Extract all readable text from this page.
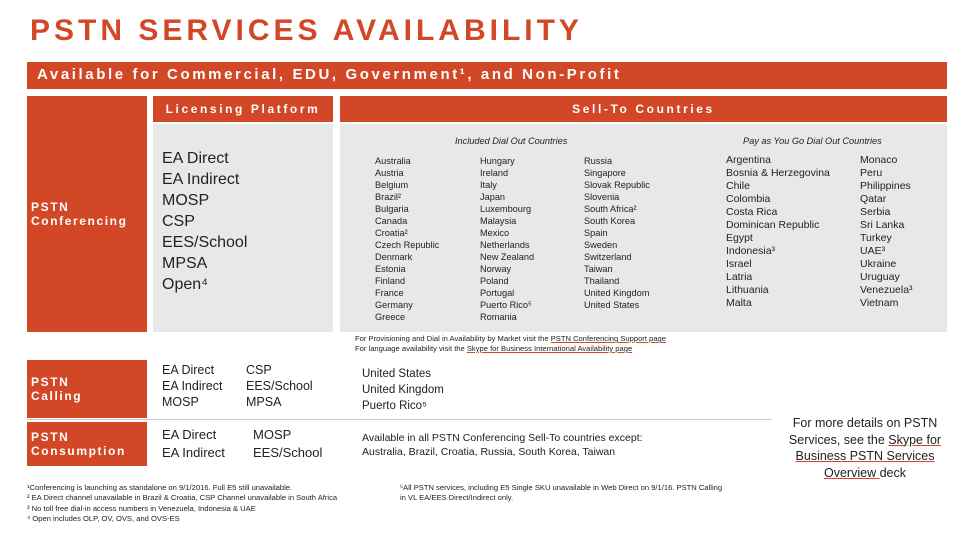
PSTN SERVICES AVAILABILITY
Available for Commercial, EDU, Government¹, and Non-Profit
Licensing Platform	Sell-To Countries
PSTN
Conferencing
EA Direct
EA Indirect
MOSP
CSP
EES/School
MPSA
Open⁴
Included Dial Out Countries	Pay as You Go Dial Out Countries
Australia
Austria
Belgium
Brazil²
Bulgaria
Canada
Croatia²
Czech Republic
Denmark
Estonia
Finland
France
Germany
Greece
Hungary
Ireland
Italy
Japan
Luxembourg
Malaysia
Mexico
Netherlands
New Zealand
Norway
Poland
Portugal
Puerto Rico⁵
Romania
Russia
Singapore
Slovak Republic
Slovenia
South Africa²
South Korea
Spain
Sweden
Switzerland
Taiwan
Thailand
United Kingdom
United States
Argentina
Bosnia & Herzegovina
Chile
Colombia
Costa Rica
Dominican Republic
Egypt
Indonesia³
Israel
Latria
Lithuania
Malta
Monaco
Peru
Philippines
Qatar
Serbia
Sri Lanka
Turkey
UAE³
Ukraine
Uruguay
Venezuela³
Vietnam
For Provisioning and Dial in Availability by Market visit the PSTN Conferencing Support page
For language availability visit the Skype for Business International Availability page
PSTN
Calling
EA Direct
EA Indirect
MOSP
CSP
EES/School
MPSA
United States
United Kingdom
Puerto Rico⁵
PSTN
Consumption
EA Direct
EA Indirect
MOSP
EES/School
Available in all PSTN Conferencing Sell-To countries except:
Australia, Brazil, Croatia, Russia, South Korea, Taiwan
¹Conferencing is launching as standalone on 9/1/2016. Full E5 still unavailable.
² EA Direct channel unavailable in Brazil & Croatia, CSP Channel unavailable in South Africa
³ No toll free dial-in access numbers in Venezuela, Indonesia & UAE
⁴ Open includes OLP, OV, OVS, and OVS-ES
⁵All PSTN services, including E5 Single SKU unavailable in Web Direct on 9/1/16. PSTN Calling
in VL EA/EES Direct/Indirect only.
For more details on PSTN Services, see the Skype for Business PSTN Services Overview deck
